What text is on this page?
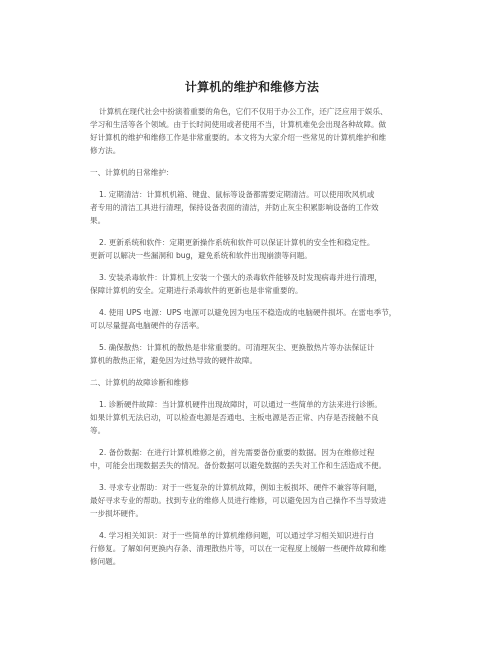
计算机的维护和维修方法
计算机在现代社会中扮演着重要的角色，它们不仅用于办公工作，还广泛应用于娱乐、
学习和生活等各个领域。由于长时间使用或者使用不当，计算机难免会出现各种故障。做
好计算机的维护和维修工作是非常重要的。本文将为大家介绍一些常见的计算机维护和维
修方法。
一、计算机的日常维护：
1. 定期清洁：计算机机箱、键盘、鼠标等设备都需要定期清洁。可以使用吹风机或
者专用的清洁工具进行清理，保持设备表面的清洁，并防止灰尘积累影响设备的工作效
果。
2. 更新系统和软件：定期更新操作系统和软件可以保证计算机的安全性和稳定性。
更新可以解决一些漏洞和 bug，避免系统和软件出现崩溃等问题。
3. 安装杀毒软件：计算机上安装一个强大的杀毒软件能够及时发现病毒并进行清理，
保障计算机的安全。定期进行杀毒软件的更新也是非常重要的。
4. 使用 UPS 电源：UPS 电源可以避免因为电压不稳造成的电脑硬件损坏。在雷电季节，
可以尽量提高电脑硬件的存活率。
5. 确保散热：计算机的散热是非常重要的。可清理灰尘、更换散热片等办法保证计
算机的散热正常，避免因为过热导致的硬件故障。
二、计算机的故障诊断和维修
1. 诊断硬件故障：当计算机硬件出现故障时，可以通过一些简单的方法来进行诊断。
如果计算机无法启动，可以检查电源是否通电、主板电源是否正常、内存是否接触不良
等。
2. 备份数据：在进行计算机维修之前，首先需要备份重要的数据。因为在维修过程
中，可能会出现数据丢失的情况。备份数据可以避免数据的丢失对工作和生活造成不便。
3. 寻求专业帮助：对于一些复杂的计算机故障，例如主板损坏、硬件不兼容等问题，
最好寻求专业的帮助。找到专业的维修人员进行维修，可以避免因为自己操作不当导致进
一步损坏硬件。
4. 学习相关知识：对于一些简单的计算机维修问题，可以通过学习相关知识进行自
行修复。了解如何更换内存条、清理散热片等，可以在一定程度上缓解一些硬件故障和维
修问题。
